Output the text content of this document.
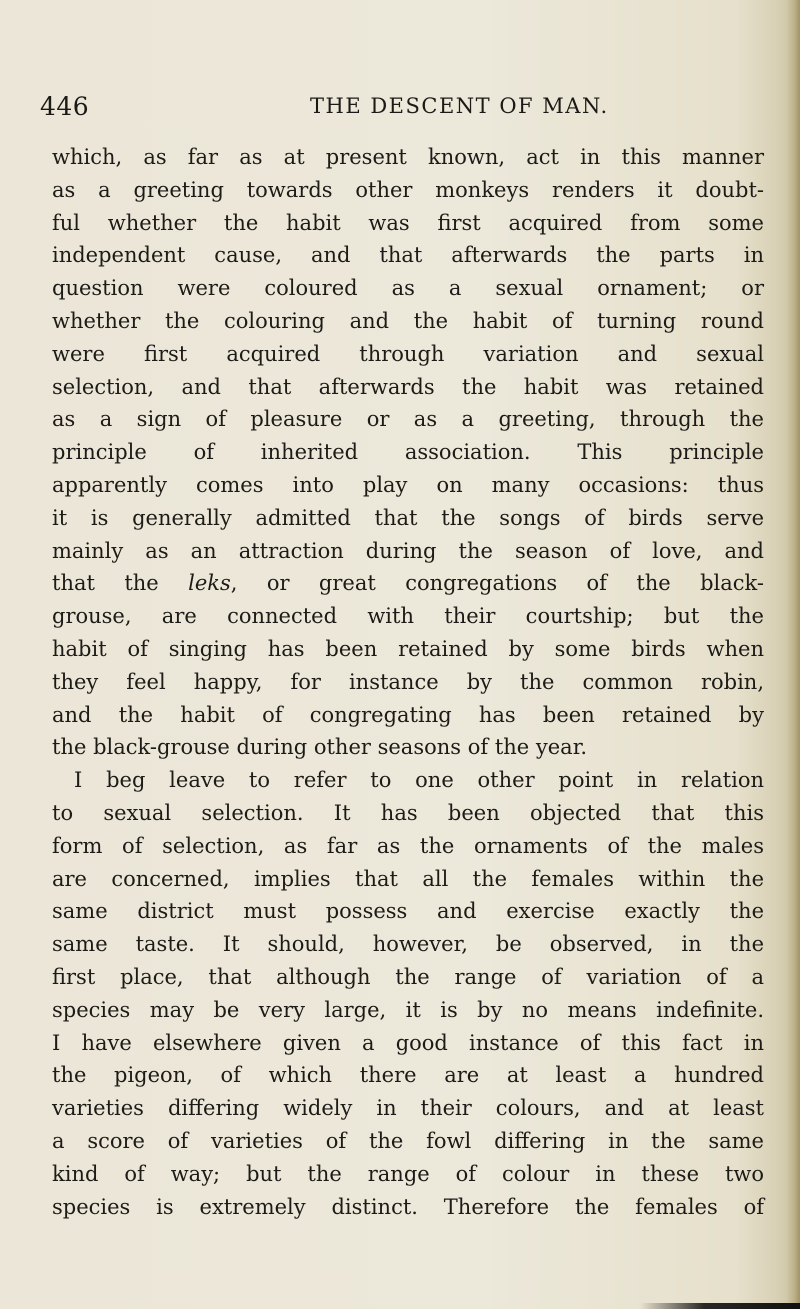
446	THE DESCENT OF MAN.
which, as far as at present known, act in this manner
as a greeting towards other monkeys renders it doubt-
ful whether the habit was first acquired from some
independent cause, and that afterwards the parts in
question were coloured as a sexual ornament; or
whether the colouring and the habit of turning round
were first acquired through variation and sexual
selection, and that afterwards the habit was retained
as a sign of pleasure or as a greeting, through the
principle of inherited association. This principle
apparently comes into play on many occasions: thus
it is generally admitted that the songs of birds serve
mainly as an attraction during the season of love, and
that the leks, or great congregations of the black-
grouse, are connected with their courtship; but the
habit of singing has been retained by some birds when
they feel happy, for instance by the common robin,
and the habit of congregating has been retained by
the black-grouse during other seasons of the year.
I beg leave to refer to one other point in relation
to sexual selection. It has been objected that this
form of selection, as far as the ornaments of the males
are concerned, implies that all the females within the
same district must possess and exercise exactly the
same taste. It should, however, be observed, in the
first place, that although the range of variation of a
species may be very large, it is by no means indefinite.
I have elsewhere given a good instance of this fact in
the pigeon, of which there are at least a hundred
varieties differing widely in their colours, and at least
a score of varieties of the fowl differing in the same
kind of way; but the range of colour in these two
species is extremely distinct. Therefore the females of
